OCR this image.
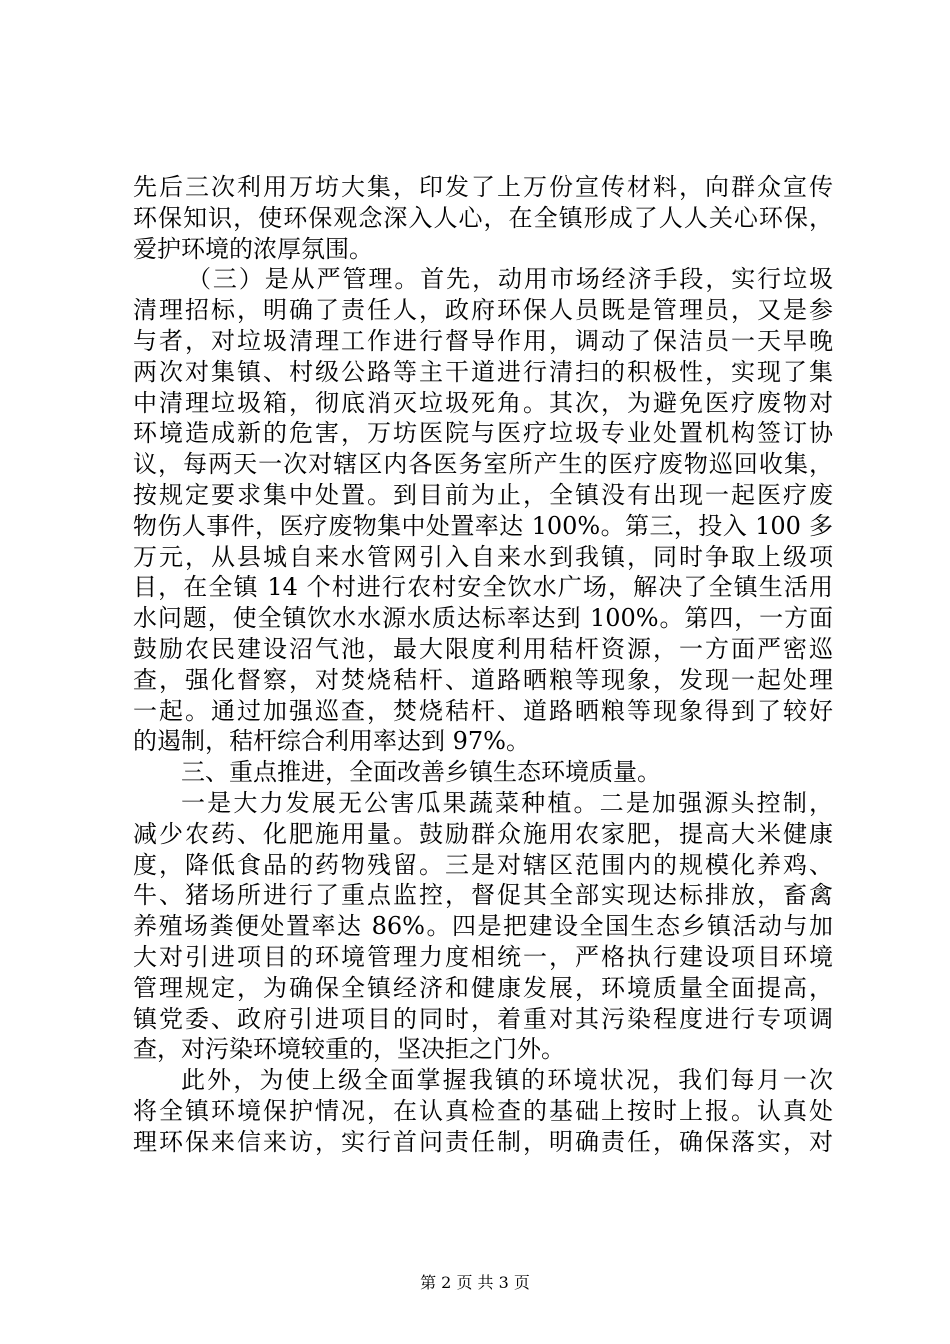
先后三次利用万坊大集，印发了上万份宣传材料，向群众宣传
环保知识，使环保观念深入人心，在全镇形成了人人关心环保，
爱护环境的浓厚氛围。
（三）是从严管理。首先，动用市场经济手段，实行垃圾
清理招标，明确了责任人，政府环保人员既是管理员，又是参
与者，对垃圾清理工作进行督导作用，调动了保洁员一天早晚
两次对集镇、村级公路等主干道进行清扫的积极性，实现了集
中清理垃圾箱，彻底消灭垃圾死角。其次，为避免医疗废物对
环境造成新的危害，万坊医院与医疗垃圾专业处置机构签订协
议，每两天一次对辖区内各医务室所产生的医疗废物巡回收集，
按规定要求集中处置。到目前为止，全镇没有出现一起医疗废
物伤人事件，医疗废物集中处置率达 100%。第三，投入 100 多
万元，从县城自来水管网引入自来水到我镇，同时争取上级项
目，在全镇 14 个村进行农村安全饮水广场，解决了全镇生活用
水问题，使全镇饮水水源水质达标率达到 100%。第四，一方面
鼓励农民建设沼气池，最大限度利用秸杆资源，一方面严密巡
查，强化督察，对焚烧秸杆、道路晒粮等现象，发现一起处理
一起。通过加强巡查，焚烧秸杆、道路晒粮等现象得到了较好
的遏制，秸杆综合利用率达到 97%。
三、重点推进，全面改善乡镇生态环境质量。
一是大力发展无公害瓜果蔬菜种植。二是加强源头控制，
减少农药、化肥施用量。鼓励群众施用农家肥，提高大米健康
度，降低食品的药物残留。三是对辖区范围内的规模化养鸡、
牛、猪场所进行了重点监控，督促其全部实现达标排放，畜禽
养殖场粪便处置率达 86%。四是把建设全国生态乡镇活动与加
大对引进项目的环境管理力度相统一，严格执行建设项目环境
管理规定，为确保全镇经济和健康发展，环境质量全面提高，
镇党委、政府引进项目的同时，着重对其污染程度进行专项调
查，对污染环境较重的，坚决拒之门外。
此外，为使上级全面掌握我镇的环境状况，我们每月一次
将全镇环境保护情况，在认真检查的基础上按时上报。认真处
理环保来信来访，实行首问责任制，明确责任，确保落实，对
第 2 页 共 3 页
